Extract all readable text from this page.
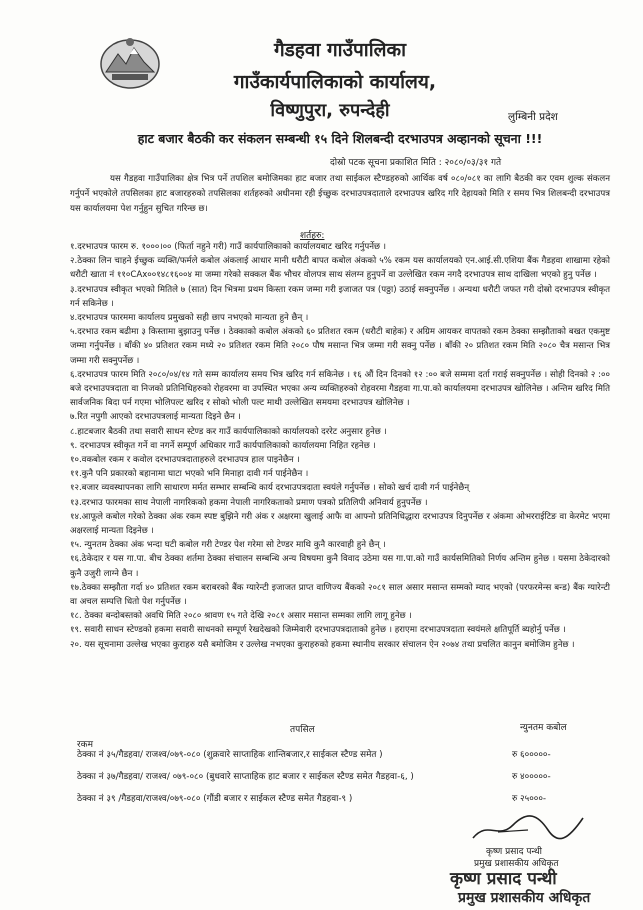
गैडहवा गाउँपालिका
गाउँकार्यपालिकाको कार्यालय,
विष्णुपुरा, रुपन्देही	लुम्बिनी प्रदेश
हाट बजार बैठकी कर संकलन सम्बन्धी १५ दिने शिलबन्दी दरभाउपत्र अव्हानको सूचना !!!
दोस्रो पटक सूचना प्रकाशित मिति : २०८०/०३/३१ गते
यस गैडहवा गाउँपालिका क्षेत्र भित्र पर्ने तपशिल बमोजिमका हाट बजार तथा साईकल स्टैण्डहरुको आर्थिक वर्ष ०८०/०८१ का लागि बैठकी कर एवम शुल्क संकलन गर्नुपर्ने भएकोले तपसिलका हाट बजारहरुको तपसिलका शर्तहरुको अधीनमा रही ईच्छुक दरभाउपत्रदाताले दरभाउपत्र खरिद गरि देहायको मिति र समय भित्र शिलबन्दी दरभाउपत्र यस कार्यालयमा पेश गर्नुहुन सुचित गरिन्छ छ।
शर्तहरु:

१.दरभाउपत्र फारम रु. १०००।०० (फिर्ता नहुने गरी) गाउँ कार्यपालिकाको कार्यालयबाट खरिद गर्नुपर्नेछ ।

२.ठेक्का लिन चाहने ईच्छुक व्यक्ति/फर्मले कबोल अंकलाई आधार मानी धरौटी बापत कबोल अंकको ५% रकम यस कार्यालयको एन.आई.सी.एशिया बैंक गैडहवा शाखामा रहेको धरौटी खाता नं ११०CAx००१४८१६००४ मा जम्मा गरेको सक्कल बैंक भौचर वोलपत्र साथ संलग्न हुनुपर्ने वा उल्लेखित रकम नगदै दरभाउपत्र साथ दाखिला भएको हुनु पर्नेछ ।

३.दरभाउपत्र स्वीकृत भएको मितिले ७ (सात) दिन भित्रमा प्रथम किस्ता रकम जम्मा गरी इजाजत पत्र (पठ्ठा) उठाई सक्नुपर्नेछ । अन्यथा धरौटी जफत गरी दोस्रो दरभाउपत्र स्वीकृत गर्न सकिनेछ ।

४.दरभाउपत्र फारममा कार्यालय प्रमुखको सही छाप नभएको मान्यता हुने छैन् ।

५.दरभाउ रकम बढीमा ३ किस्तामा बुझाउनु पर्नेछ । ठेक्काको कबोल अंकको ६० प्रतिशत रकम (धरौटी बाहेक) र अग्रिम आयकर वापतको रकम ठेक्का सम्झौताको बखत एकमुष्ट जम्मा गर्नुपर्नेछ । बाँकी ४० प्रतिशत रकम मध्ये २० प्रतिशत रकम मिति २०८० पौष मसान्त भित्र जम्मा गरी सक्नु पर्नेछ । बाँकी २० प्रतिशत रकम मिति २०८० चैत्र मसान्त भित्र जम्मा गरी सक्नुपर्नेछ ।

६.दरभाउपत्र फारम मिति २०८०/०४/१४ गते सम्म कार्यालय समय भित्र खरिद गर्न सकिनेछ । १६ औं दिन दिनको १२ :०० बजे सम्ममा दर्ता गराई सक्नुपर्नेछ । सोही दिनको २ :०० बजे दरभाउपत्रदाता वा निजको प्रतिनिधिहरुको रोहवरमा वा उपस्थित भएका अन्य व्यक्तिहरुको रोहवरमा गैडहवा गा.पा.को कार्यालयमा दरभाउपत्र खोलिनेछ । अन्तिम खरिद मिति सार्वजनिक बिदा पर्न गएमा भोलिपल्ट खरिद र सोको भोली पल्ट माथी उल्लेखित समयमा दरभाउपत्र खोलिनेछ ।

७.रित नपुगी आएको दरभाउपत्रलाई मान्यता दिइने छैन ।

८.हाटबजार बैठकी तथा सवारी साधन स्टेण्ड कर गाउँ कार्यपालिकाको कार्यालयको दररेट अनुसार हुनेछ ।

९. दरभाउपत्र स्वीकृत गर्ने वा नगर्ने सम्पूर्ण अधिकार गाउँ कार्यपालिकाको कार्यालयमा निहित रहनेछ ।

१०.वकबोल रकम र कवोल दरभाउपत्रदाताहरुले दरभाउपत्र हाल पाइनेछैन ।

११.कुनै पनि प्रकारको बहानामा घाटा भएको भनि मिनाहा दावी गर्न पाईनेछैन ।

१२.बजार व्यवस्थापनका लागि साधारण मर्मत सम्भार सम्बन्धि कार्य दरभाउपत्रदाता स्वयंले गर्नुपर्नेछ । सोको खर्च दावी गर्न पाईनेछैन्

१३.दरभाउ फारमका साथ नेपाली नागरिकको हकमा नेपाली नागरिकताको प्रमाण पत्रको प्रतिलिपी अनिवार्य हुनुपर्नेछ ।

१४.आफूले कबोल गरेको ठेक्का अंक रकम स्पष्ट बुझिने गरी अंक र अक्षरमा खुलाई आफै वा आफ्नो प्रतिनिधिद्धारा दरभाउपत्र दिनुपर्नेछ र अंकमा ओभरराईटिङ वा केरमेट भएमा अक्षरलाई मान्यता दिइनेछ ।

१५. न्युनतम ठेक्का अंक भन्दा घटी कबोल गरी टेण्डर पेश गरेमा सो टेण्डर माथि कुनै कारवाही हुने छैन् ।

१६.ठेकेदार र यस गा.पा. बीच ठेक्का शर्तमा ठेक्का संचालन सम्बन्धि अन्य विषयमा कुनै विवाद उठेमा यस गा.पा.को गाउँ कार्यसमितिको निर्णय अन्तिम हुनेछ । यसमा ठेकेदारको कुनै उजुरी लाग्ने छैन ।

१७.ठेक्का सम्झौता गर्दा ४० प्रतिशत रकम बराबरको बैंक ग्यारेन्टी इजाजत प्राप्त वाणिज्य बैंकको २०८१ साल असार मसान्त सम्मको म्याद भएको (परफरमेन्स बन्ड) बैंक ग्यारेन्टी वा अचल सम्पत्ति धितो पेश गर्नुपर्नेछ ।

१८. ठेक्का बन्दोबस्तको अवधि मिति २०८० श्रावण १५ गते देखि २०८१ असार मसान्त सम्मका लागि लागू हुनेछ ।

१९. सवारी साधन स्टेण्डको हकमा सवारी साधनको सम्पूर्ण रेखदेखको जिम्मेवारी दरभाउपत्रदाताको हुनेछ । हराएमा दरभाउपत्रदाता स्वयंमले क्षतिपूर्ति ब्यहोर्नु पर्नेछ ।

२०. यस सूचनामा उल्लेख भएका कुराहरु यसै बमोजिम र उल्लेख नभएका कुराहरुको हकमा स्थानीय सरकार संचालन ऐन २०७४ तथा प्रचलित कानुन बमोजिम हुनेछ ।

तपसिल	न्युनतम कबोल
रकम
ठेक्का नं ३५/गैडहवा/ राजश्व/०७९-०८० (शुक्रवारे साप्ताहिक शान्तिबजार,र साईकल स्टैण्ड समेत )	रु ६०००००-
ठेक्का नं ३७/गैडहवा/ राजश्व/ ०७९-०८० (बुधवारे साप्ताहिक हाट बजार र साईकल स्टैण्ड समेत गैडहवा-६, )	रु ४०००००-
ठेक्का नं ३९ /गैडहवा/राजश्व/०७९-०८० (गौंडी बजार र साईकल स्टैण्ड समेत गैडहवा-९ )	रु २५०००-
कृष्ण प्रसाद पन्थी
प्रमुख प्रशासकीय अधिकृत
कृष्ण प्रसाद पन्थी
प्रमुख प्रशासकीय अधिकृत
